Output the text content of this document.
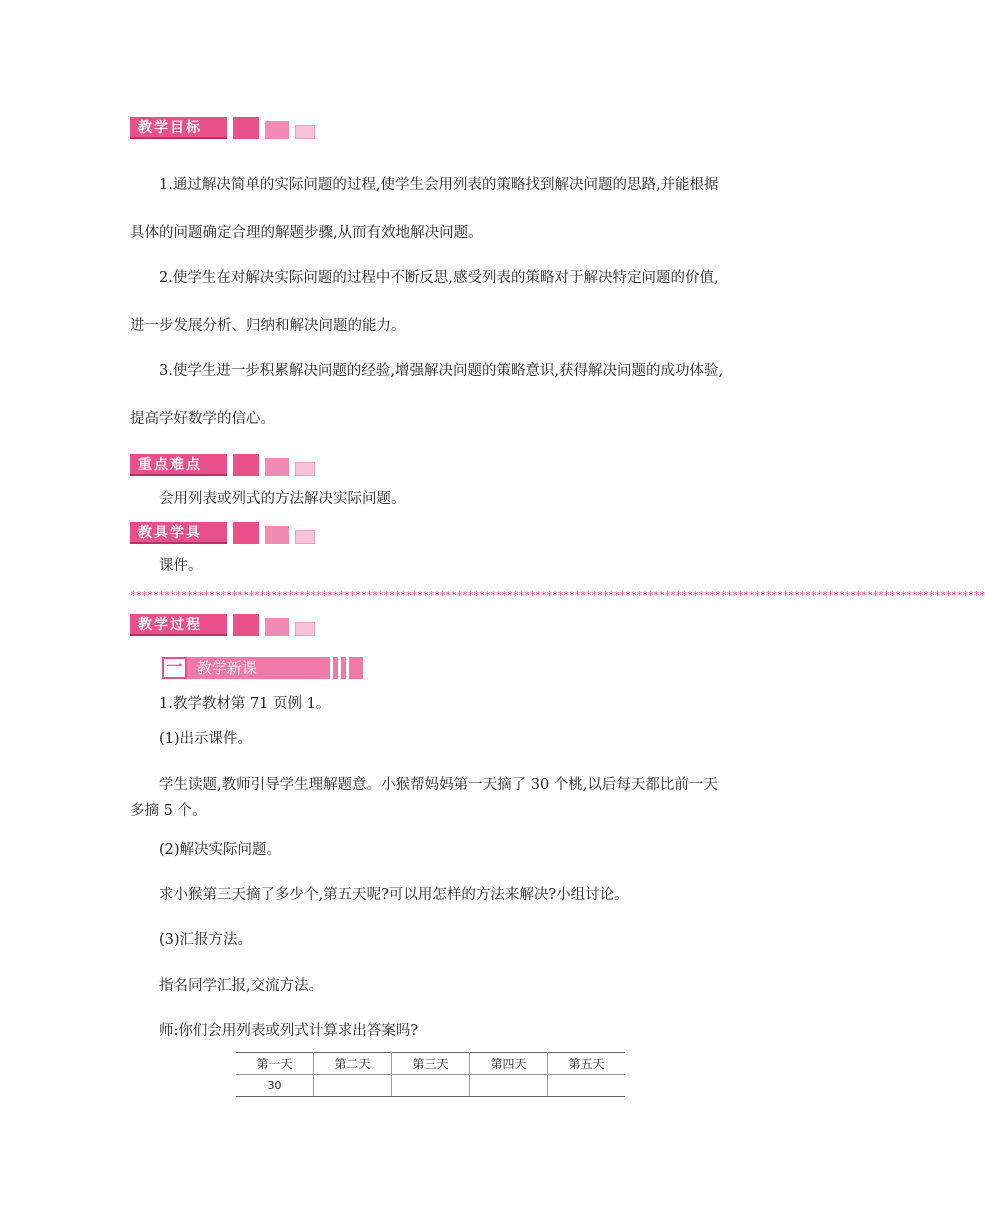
教学目标
1.通过解决简单的实际问题的过程,使学生会用列表的策略找到解决问题的思路,并能根据具体的问题确定合理的解题步骤,从而有效地解决问题。
2.使学生在对解决实际问题的过程中不断反思,感受列表的策略对于解决特定问题的价值,进一步发展分析、归纳和解决问题的能力。
3.使学生进一步积累解决问题的经验,增强解决问题的策略意识,获得解决问题的成功体验,提高学好数学的信心。
重点难点
会用列表或列式的方法解决实际问题。
教具学具
课件。
********************************************************************************************************************************************************
教学过程
一 教学新课
1.教学教材第 71 页例 1。
(1)出示课件。
学生读题,教师引导学生理解题意。小猴帮妈妈第一天摘了 30 个桃,以后每天都比前一天多摘 5 个。
(2)解决实际问题。
求小猴第三天摘了多少个,第五天呢?可以用怎样的方法来解决?小组讨论。
(3)汇报方法。
指名同学汇报,交流方法。
师:你们会用列表或列式计算求出答案吗?
第一天	第二天	第三天	第四天	第五天
30				
